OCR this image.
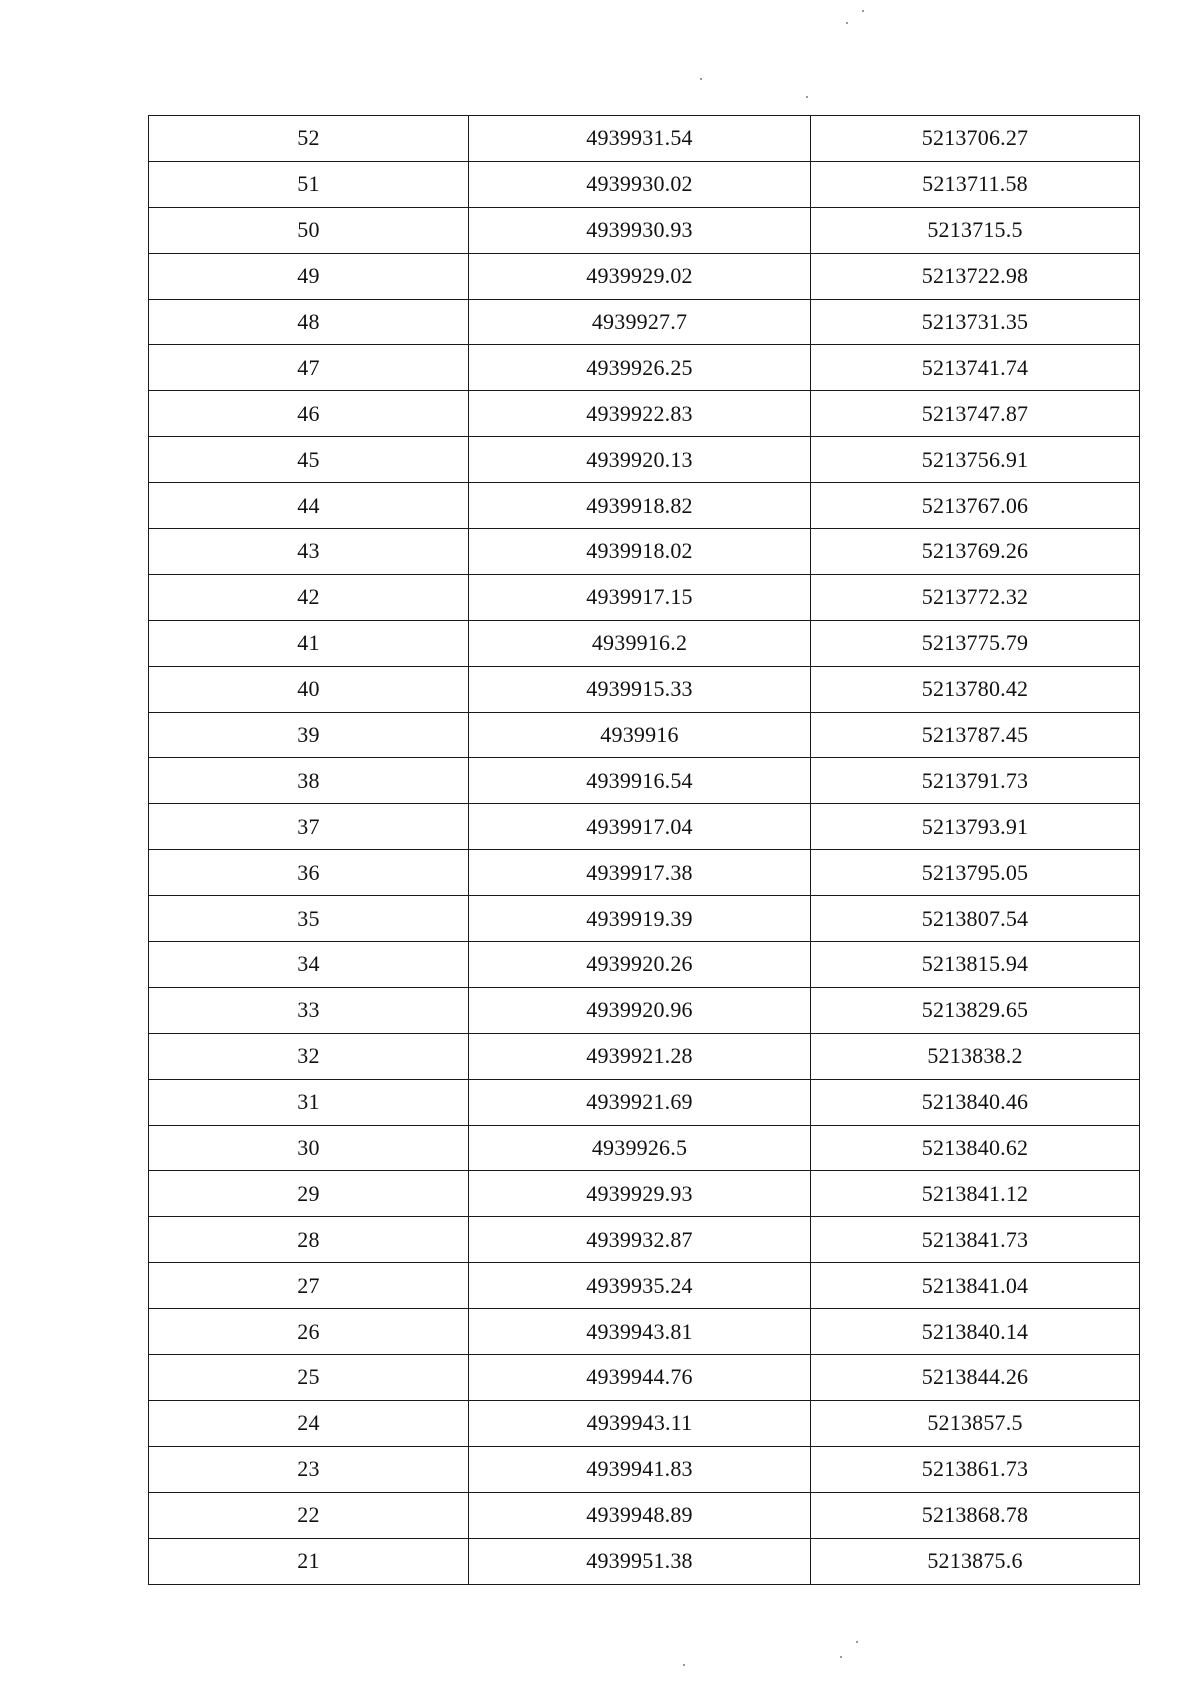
52	4939931.54	5213706.27
51	4939930.02	5213711.58
50	4939930.93	5213715.5
49	4939929.02	5213722.98
48	4939927.7	5213731.35
47	4939926.25	5213741.74
46	4939922.83	5213747.87
45	4939920.13	5213756.91
44	4939918.82	5213767.06
43	4939918.02	5213769.26
42	4939917.15	5213772.32
41	4939916.2	5213775.79
40	4939915.33	5213780.42
39	4939916	5213787.45
38	4939916.54	5213791.73
37	4939917.04	5213793.91
36	4939917.38	5213795.05
35	4939919.39	5213807.54
34	4939920.26	5213815.94
33	4939920.96	5213829.65
32	4939921.28	5213838.2
31	4939921.69	5213840.46
30	4939926.5	5213840.62
29	4939929.93	5213841.12
28	4939932.87	5213841.73
27	4939935.24	5213841.04
26	4939943.81	5213840.14
25	4939944.76	5213844.26
24	4939943.11	5213857.5
23	4939941.83	5213861.73
22	4939948.89	5213868.78
21	4939951.38	5213875.6
